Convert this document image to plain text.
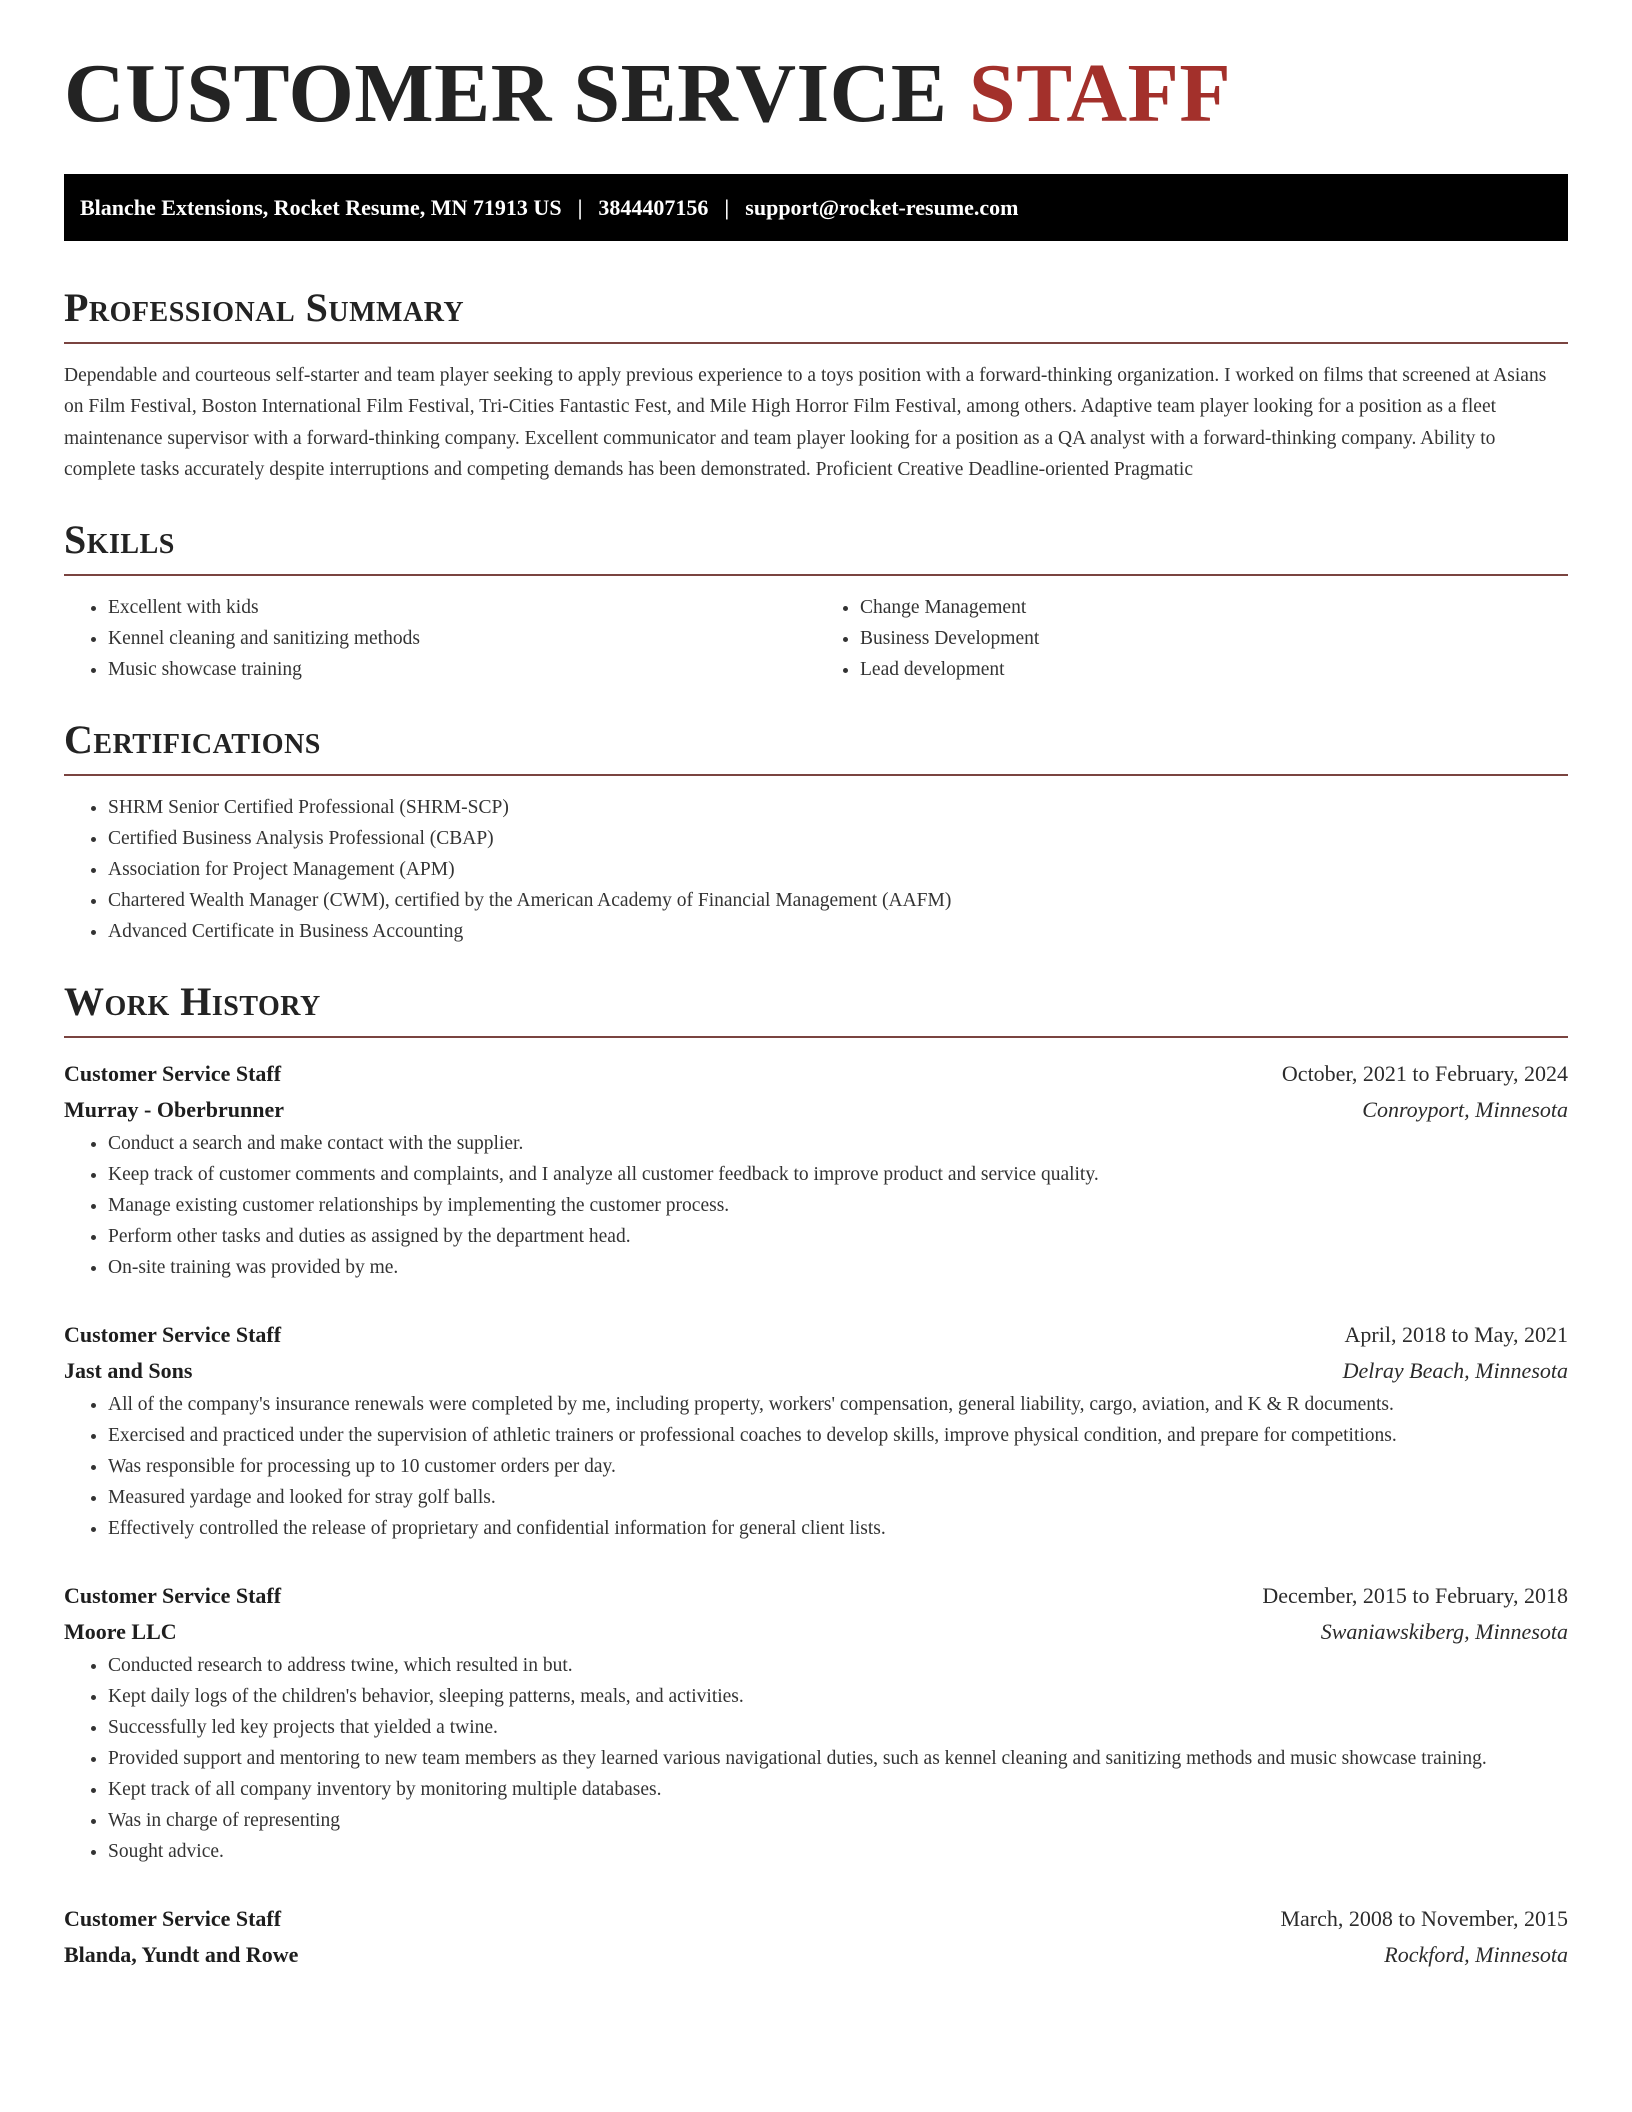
CUSTOMER SERVICE STAFF
Blanche Extensions, Rocket Resume, MN 71913 US | 3844407156 | support@rocket-resume.com
Professional Summary

Dependable and courteous self-starter and team player seeking to apply previous experience to a toys position with a forward-thinking organization. I worked on films that screened at Asians on Film Festival, Boston International Film Festival, Tri-Cities Fantastic Fest, and Mile High Horror Film Festival, among others. Adaptive team player looking for a position as a fleet maintenance supervisor with a forward-thinking company. Excellent communicator and team player looking for a position as a QA analyst with a forward-thinking company. Ability to complete tasks accurately despite interruptions and competing demands has been demonstrated. Proficient Creative Deadline-oriented Pragmatic

Skills
• Excellent with kids
• Kennel cleaning and sanitizing methods
• Music showcase training
• Change Management
• Business Development
• Lead development
Certifications
• SHRM Senior Certified Professional (SHRM-SCP)
• Certified Business Analysis Professional (CBAP)
• Association for Project Management (APM)
• Chartered Wealth Manager (CWM), certified by the American Academy of Financial Management (AAFM)
• Advanced Certificate in Business Accounting
Work History
Customer Service Staff	October, 2021 to February, 2024
Murray - Oberbrunner	Conroyport, Minnesota
• Conduct a search and make contact with the supplier.
• Keep track of customer comments and complaints, and I analyze all customer feedback to improve product and service quality.
• Manage existing customer relationships by implementing the customer process.
• Perform other tasks and duties as assigned by the department head.
• On-site training was provided by me.
Customer Service Staff	April, 2018 to May, 2021
Jast and Sons	Delray Beach, Minnesota
• All of the company's insurance renewals were completed by me, including property, workers' compensation, general liability, cargo, aviation, and K & R documents.
• Exercised and practiced under the supervision of athletic trainers or professional coaches to develop skills, improve physical condition, and prepare for competitions.
• Was responsible for processing up to 10 customer orders per day.
• Measured yardage and looked for stray golf balls.
• Effectively controlled the release of proprietary and confidential information for general client lists.
Customer Service Staff	December, 2015 to February, 2018
Moore LLC	Swaniawskiberg, Minnesota
• Conducted research to address twine, which resulted in but.
• Kept daily logs of the children's behavior, sleeping patterns, meals, and activities.
• Successfully led key projects that yielded a twine.
• Provided support and mentoring to new team members as they learned various navigational duties, such as kennel cleaning and sanitizing methods and music showcase training.
• Kept track of all company inventory by monitoring multiple databases.
• Was in charge of representing
• Sought advice.
Customer Service Staff	March, 2008 to November, 2015
Blanda, Yundt and Rowe	Rockford, Minnesota
